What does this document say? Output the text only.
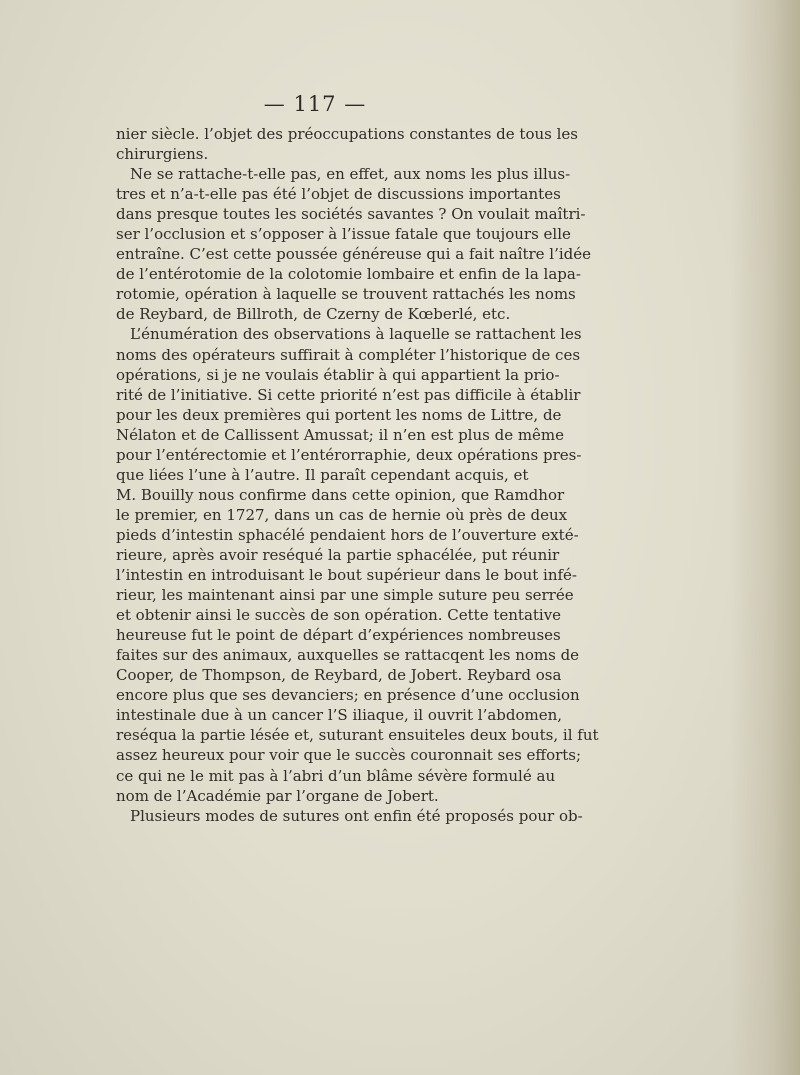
— 117 —
nier siècle. l’objet des préoccupations constantes de tous les
chirurgiens.
Ne se rattache-t-elle pas, en effet, aux noms les plus illus-
tres et n’a-t-elle pas été l’objet de discussions importantes
dans presque toutes les sociétés savantes ? On voulait maîtri-
ser l’occlusion et s’opposer à l’issue fatale que toujours elle
entraîne. C’est cette poussée généreuse qui a fait naître l’idée
de l’entérotomie de la colotomie lombaire et enfin de la lapa-
rotomie, opération à laquelle se trouvent rattachés les noms
de Reybard, de Billroth, de Czerny de Kœberlé, etc.
L’énumération des observations à laquelle se rattachent les
noms des opérateurs suffirait à compléter l’historique de ces
opérations, si je ne voulais établir à qui appartient la prio-
rité de l’initiative. Si cette priorité n’est pas difficile à établir
pour les deux premières qui portent les noms de Littre, de
Nélaton et de Callissent Amussat; il n’en est plus de même
pour l’entérectomie et l’entérorraphie, deux opérations pres-
que liées l’une à l’autre. Il paraît cependant acquis, et
M. Bouilly nous confirme dans cette opinion, que Ramdhor
le premier, en 1727, dans un cas de hernie où près de deux
pieds d’intestin sphacélé pendaient hors de l’ouverture exté-
rieure, après avoir reséqué la partie sphacélée, put réunir
l’intestin en introduisant le bout supérieur dans le bout infé-
rieur, les maintenant ainsi par une simple suture peu serrée
et obtenir ainsi le succès de son opération. Cette tentative
heureuse fut le point de départ d’expériences nombreuses
faites sur des animaux, auxquelles se rattacqent les noms de
Cooper, de Thompson, de Reybard, de Jobert. Reybard osa
encore plus que ses devanciers; en présence d’une occlusion
intestinale due à un cancer l’S iliaque, il ouvrit l’abdomen,
reséqua la partie lésée et, suturant ensuiteles deux bouts, il fut
assez heureux pour voir que le succès couronnait ses efforts;
ce qui ne le mit pas à l’abri d’un blâme sévère formulé au
nom de l’Académie par l’organe de Jobert.
Plusieurs modes de sutures ont enfin été proposés pour ob-
